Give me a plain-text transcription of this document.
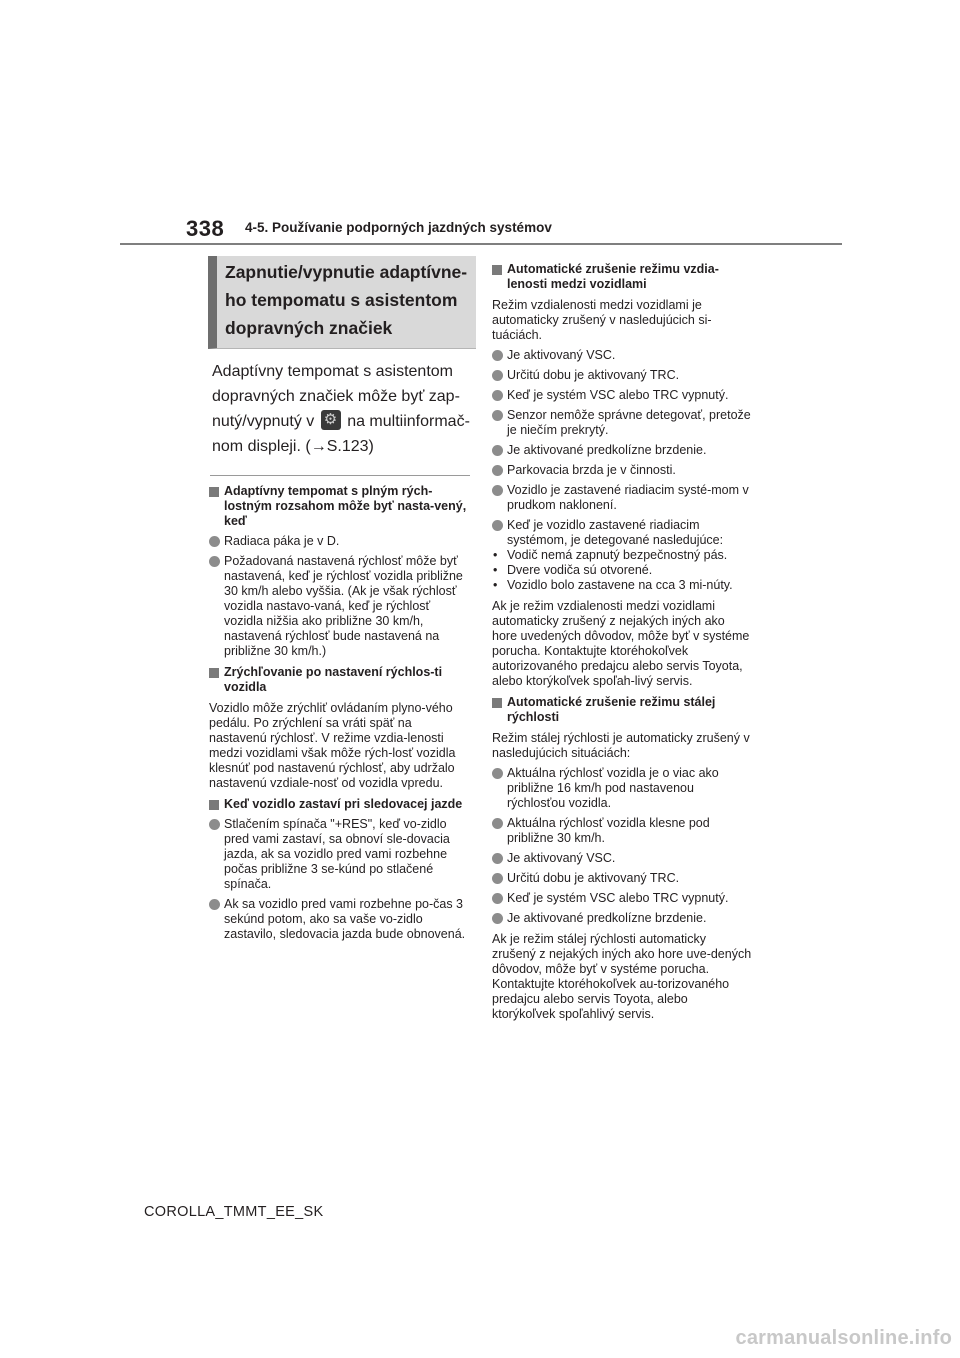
338 4-5. Používanie podporných jazdných systémov
Zapnutie/vypnutie adaptívne-ho tempomatu s asistentom dopravných značiek
Adaptívny tempomat s asistentom dopravných značiek môže byť zap-nutý/vypnutý v ⚙ na multiinformač-nom displeji. (→S.123)
Adaptívny tempomat s plným rých-lostným rozsahom môže byť nasta-vený, keď
Radiaca páka je v D.
Požadovaná nastavená rýchlosť môže byť nastavená, keď je rýchlosť vozidla približne 30 km/h alebo vyššia. (Ak je však rýchlosť vozidla nastavo-vaná, keď je rýchlosť vozidla nižšia ako približne 30 km/h, nastavená rýchlosť bude nastavená na približne 30 km/h.)
Zrýchľovanie po nastavení rýchlos-ti vozidla
Vozidlo môže zrýchliť ovládaním plyno-vého pedálu. Po zrýchlení sa vráti späť na nastavenú rýchlosť. V režime vzdia-lenosti medzi vozidlami však môže rých-losť vozidla klesnúť pod nastavenú rýchlosť, aby udržalo nastavenú vzdiale-nosť od vozidla vpredu.
Keď vozidlo zastaví pri sledovacej jazde
Stlačením spínača "+RES", keď vo-zidlo pred vami zastaví, sa obnoví sle-dovacia jazda, ak sa vozidlo pred vami rozbehne počas približne 3 se-kúnd po stlačené spínača.
Ak sa vozidlo pred vami rozbehne po-čas 3 sekúnd potom, ako sa vaše vo-zidlo zastavilo, sledovacia jazda bude obnovená.
Automatické zrušenie režimu vzdia-lenosti medzi vozidlami
Režim vzdialenosti medzi vozidlami je automaticky zrušený v nasledujúcich si-tuáciách.
Je aktivovaný VSC.
Určitú dobu je aktivovaný TRC.
Keď je systém VSC alebo TRC vypnutý.
Senzor nemôže správne detegovať, pretože je niečím prekrytý.
Je aktivované predkolízne brzdenie.
Parkovacia brzda je v činnosti.
Vozidlo je zastavené riadiacim systé-mom v prudkom naklonení.
Keď je vozidlo zastavené riadiacim systémom, je detegované nasledujúce:
• Vodič nemá zapnutý bezpečnostný pás.
• Dvere vodiča sú otvorené.
• Vozidlo bolo zastavene na cca 3 mi-núty.
Ak je režim vzdialenosti medzi vozidlami automaticky zrušený z nejakých iných ako hore uvedených dôvodov, môže byť v systéme porucha. Kontaktujte ktoréhokoľvek autorizovaného predajcu alebo servis Toyota, alebo ktorýkoľvek spoľah-livý servis.
Automatické zrušenie režimu stálej rýchlosti
Režim stálej rýchlosti je automaticky zrušený v nasledujúcich situáciách:
Aktuálna rýchlosť vozidla je o viac ako približne 16 km/h pod nastavenou rýchlosťou vozidla.
Aktuálna rýchlosť vozidla klesne pod približne 30 km/h.
Je aktivovaný VSC.
Určitú dobu je aktivovaný TRC.
Keď je systém VSC alebo TRC vypnutý.
Je aktivované predkolízne brzdenie.
Ak je režim stálej rýchlosti automaticky zrušený z nejakých iných ako hore uve-dených dôvodov, môže byť v systéme porucha. Kontaktujte ktoréhokoľvek au-torizovaného predajcu alebo servis Toyota, alebo ktorýkoľvek spoľahlivý servis.
COROLLA_TMMT_EE_SK
carmanualsonline.info
